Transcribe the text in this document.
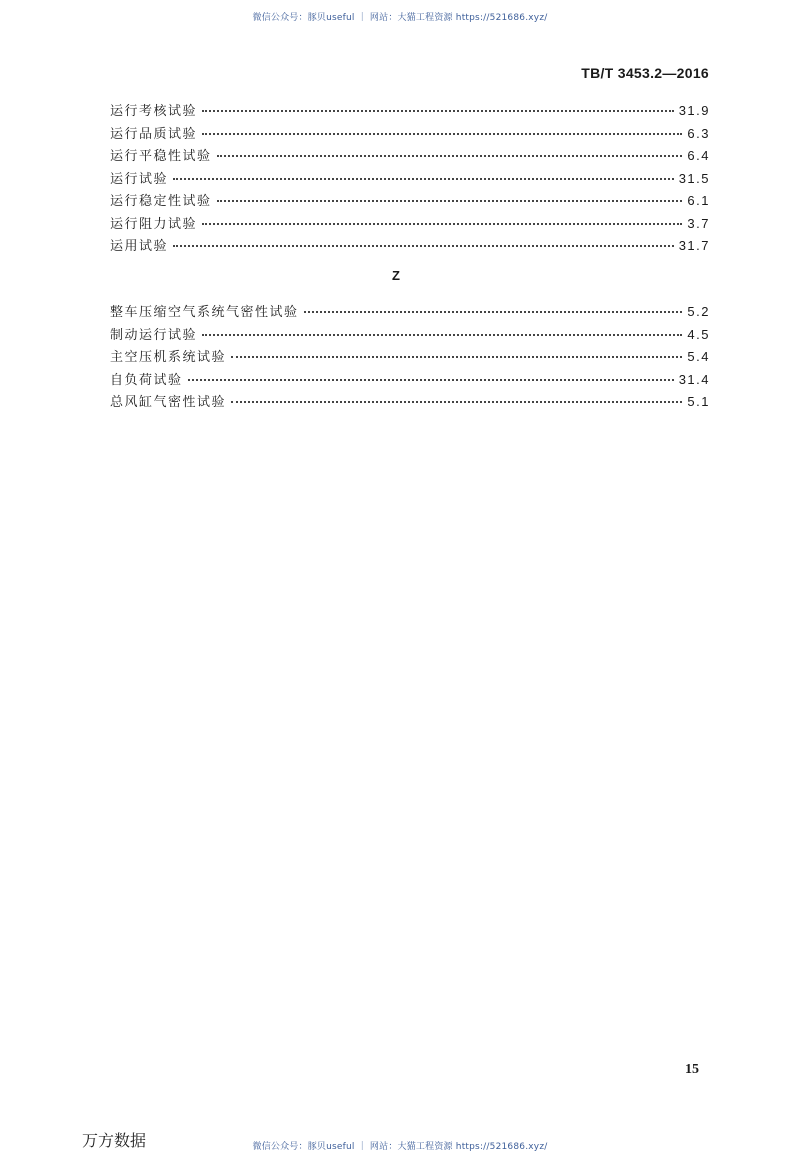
微信公众号：豚贝useful ｜ 网站：大猫工程资源 https://521686.xyz/
TB/T 3453.2—2016
运行考核试验	31.9
运行品质试验	6.3
运行平稳性试验	6.4
运行试验	31.5
运行稳定性试验	6.1
运行阻力试验	3.7
运用试验	31.7
Z
整车压缩空气系统气密性试验	5.2
制动运行试验	4.5
主空压机系统试验	5.4
自负荷试验	31.4
总风缸气密性试验	5.1
15
万方数据	微信公众号：豚贝useful ｜ 网站：大猫工程资源 https://521686.xyz/
